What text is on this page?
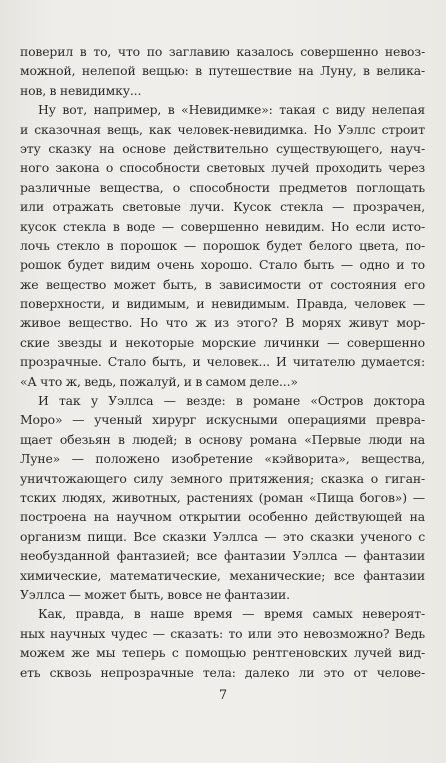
поверил в то, что по заглавию казалось совершенно невоз-
можной, нелепой вещью: в путешествие на Луну, в велика-
нов, в невидимку...
Ну вот, например, в «Невидимке»: такая с виду нелепая
и сказочная вещь, как человек-невидимка. Но Уэллс строит
эту сказку на основе действительно существующего, науч-
ного закона о способности световых лучей проходить через
различные вещества, о способности предметов поглощать
или отражать световые лучи. Кусок стекла — прозрачен,
кусок стекла в воде — совершенно невидим. Но если исто-
лочь стекло в порошок — порошок будет белого цвета, по-
рошок будет видим очень хорошо. Стало быть — одно и то
же вещество может быть, в зависимости от состояния его
поверхности, и видимым, и невидимым. Правда, человек —
живое вещество. Но что ж из этого? В морях живут мор-
ские звезды и некоторые морские личинки — совершенно
прозрачные. Стало быть, и человек... И читателю думается:
«А что ж, ведь, пожалуй, и в самом деле...»
И так у Уэллса — везде: в романе «Остров доктора
Моро» — ученый хирург искусными операциями превра-
щает обезьян в людей; в основу романа «Первые люди на
Луне» — положено изобретение «кэйворита», вещества,
уничтожающего силу земного притяжения; сказка о гиган-
тских людях, животных, растениях (роман «Пища богов») —
построена на научном открытии особенно действующей на
организм пищи. Все сказки Уэллса — это сказки ученого с
необузданной фантазией; все фантазии Уэллса — фантазии
химические, математические, механические; все фантазии
Уэллса — может быть, вовсе не фантазии.
Как, правда, в наше время — время самых невероят-
ных научных чудес — сказать: то или это невозможно? Ведь
можем же мы теперь с помощью рентгеновских лучей вид-
еть сквозь непрозрачные тела: далеко ли это от челове-
7
